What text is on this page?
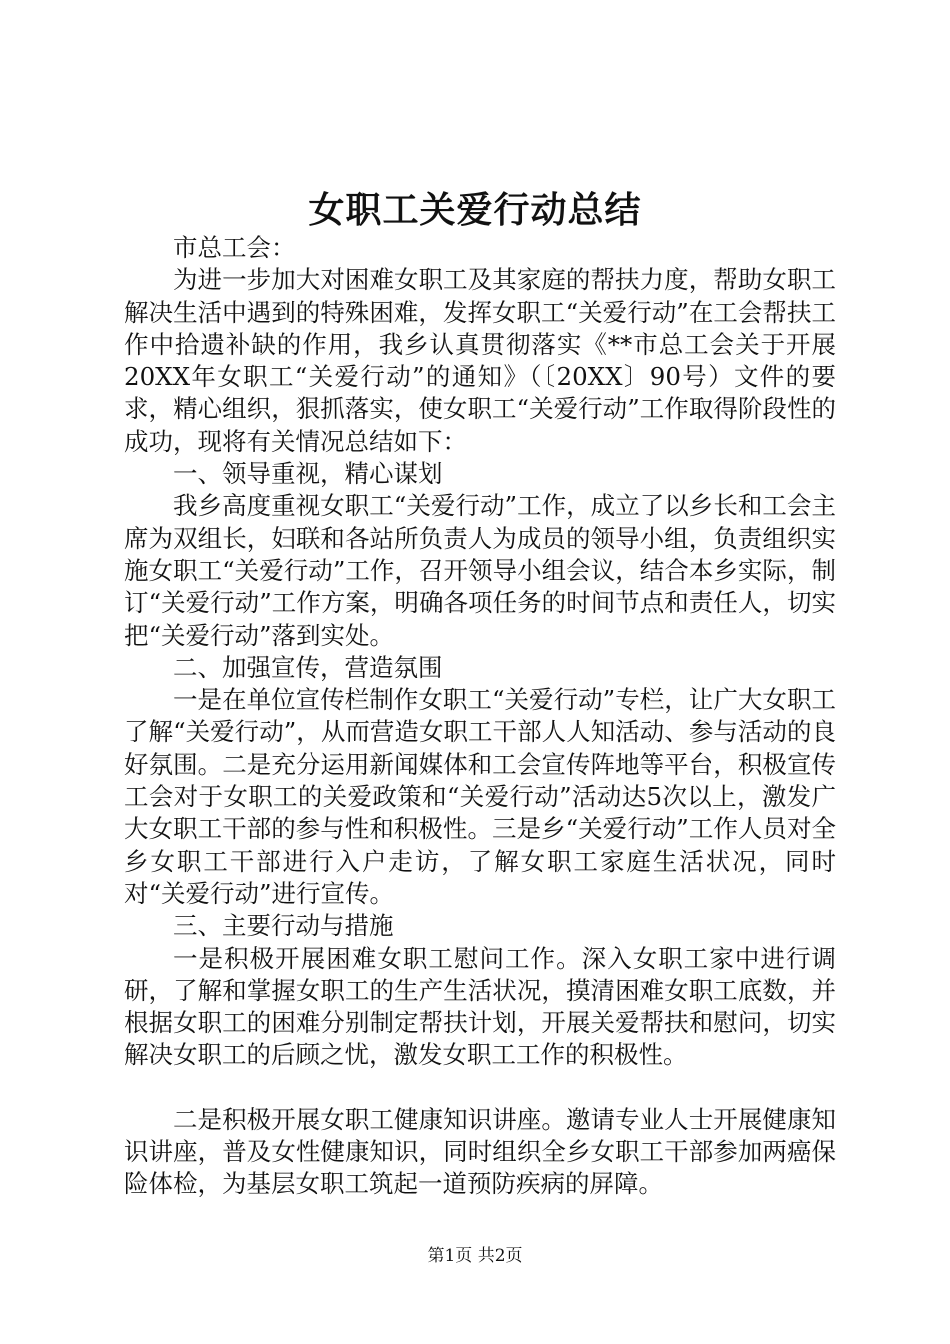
女职工关爱行动总结

市总工会：

为进一步加大对困难女职工及其家庭的帮扶力度，帮助女职工解决生活中遇到的特殊困难，发挥女职工“关爱行动”在工会帮扶工作中拾遗补缺的作用，我乡认真贯彻落实《**市总工会关于开展20XX年女职工“关爱行动”的通知》（〔20XX〕90号）文件的要求，精心组织，狠抓落实，使女职工“关爱行动”工作取得阶段性的成功，现将有关情况总结如下：

一、领导重视，精心谋划

我乡高度重视女职工“关爱行动”工作，成立了以乡长和工会主席为双组长，妇联和各站所负责人为成员的领导小组，负责组织实施女职工“关爱行动”工作，召开领导小组会议，结合本乡实际，制订“关爱行动”工作方案，明确各项任务的时间节点和责任人，切实把“关爱行动”落到实处。

二、加强宣传，营造氛围

一是在单位宣传栏制作女职工“关爱行动”专栏，让广大女职工了解“关爱行动”，从而营造女职工干部人人知活动、参与活动的良好氛围。二是充分运用新闻媒体和工会宣传阵地等平台，积极宣传工会对于女职工的关爱政策和“关爱行动”活动达5次以上，激发广大女职工干部的参与性和积极性。三是乡“关爱行动”工作人员对全乡女职工干部进行入户走访，了解女职工家庭生活状况，同时对“关爱行动”进行宣传。

三、主要行动与措施

一是积极开展困难女职工慰问工作。深入女职工家中进行调研，了解和掌握女职工的生产生活状况，摸清困难女职工底数，并根据女职工的困难分别制定帮扶计划，开展关爱帮扶和慰问，切实解决女职工的后顾之忧，激发女职工工作的积极性。

二是积极开展女职工健康知识讲座。邀请专业人士开展健康知识讲座，普及女性健康知识，同时组织全乡女职工干部参加两癌保险体检，为基层女职工筑起一道预防疾病的屏障。

第1页 共2页
